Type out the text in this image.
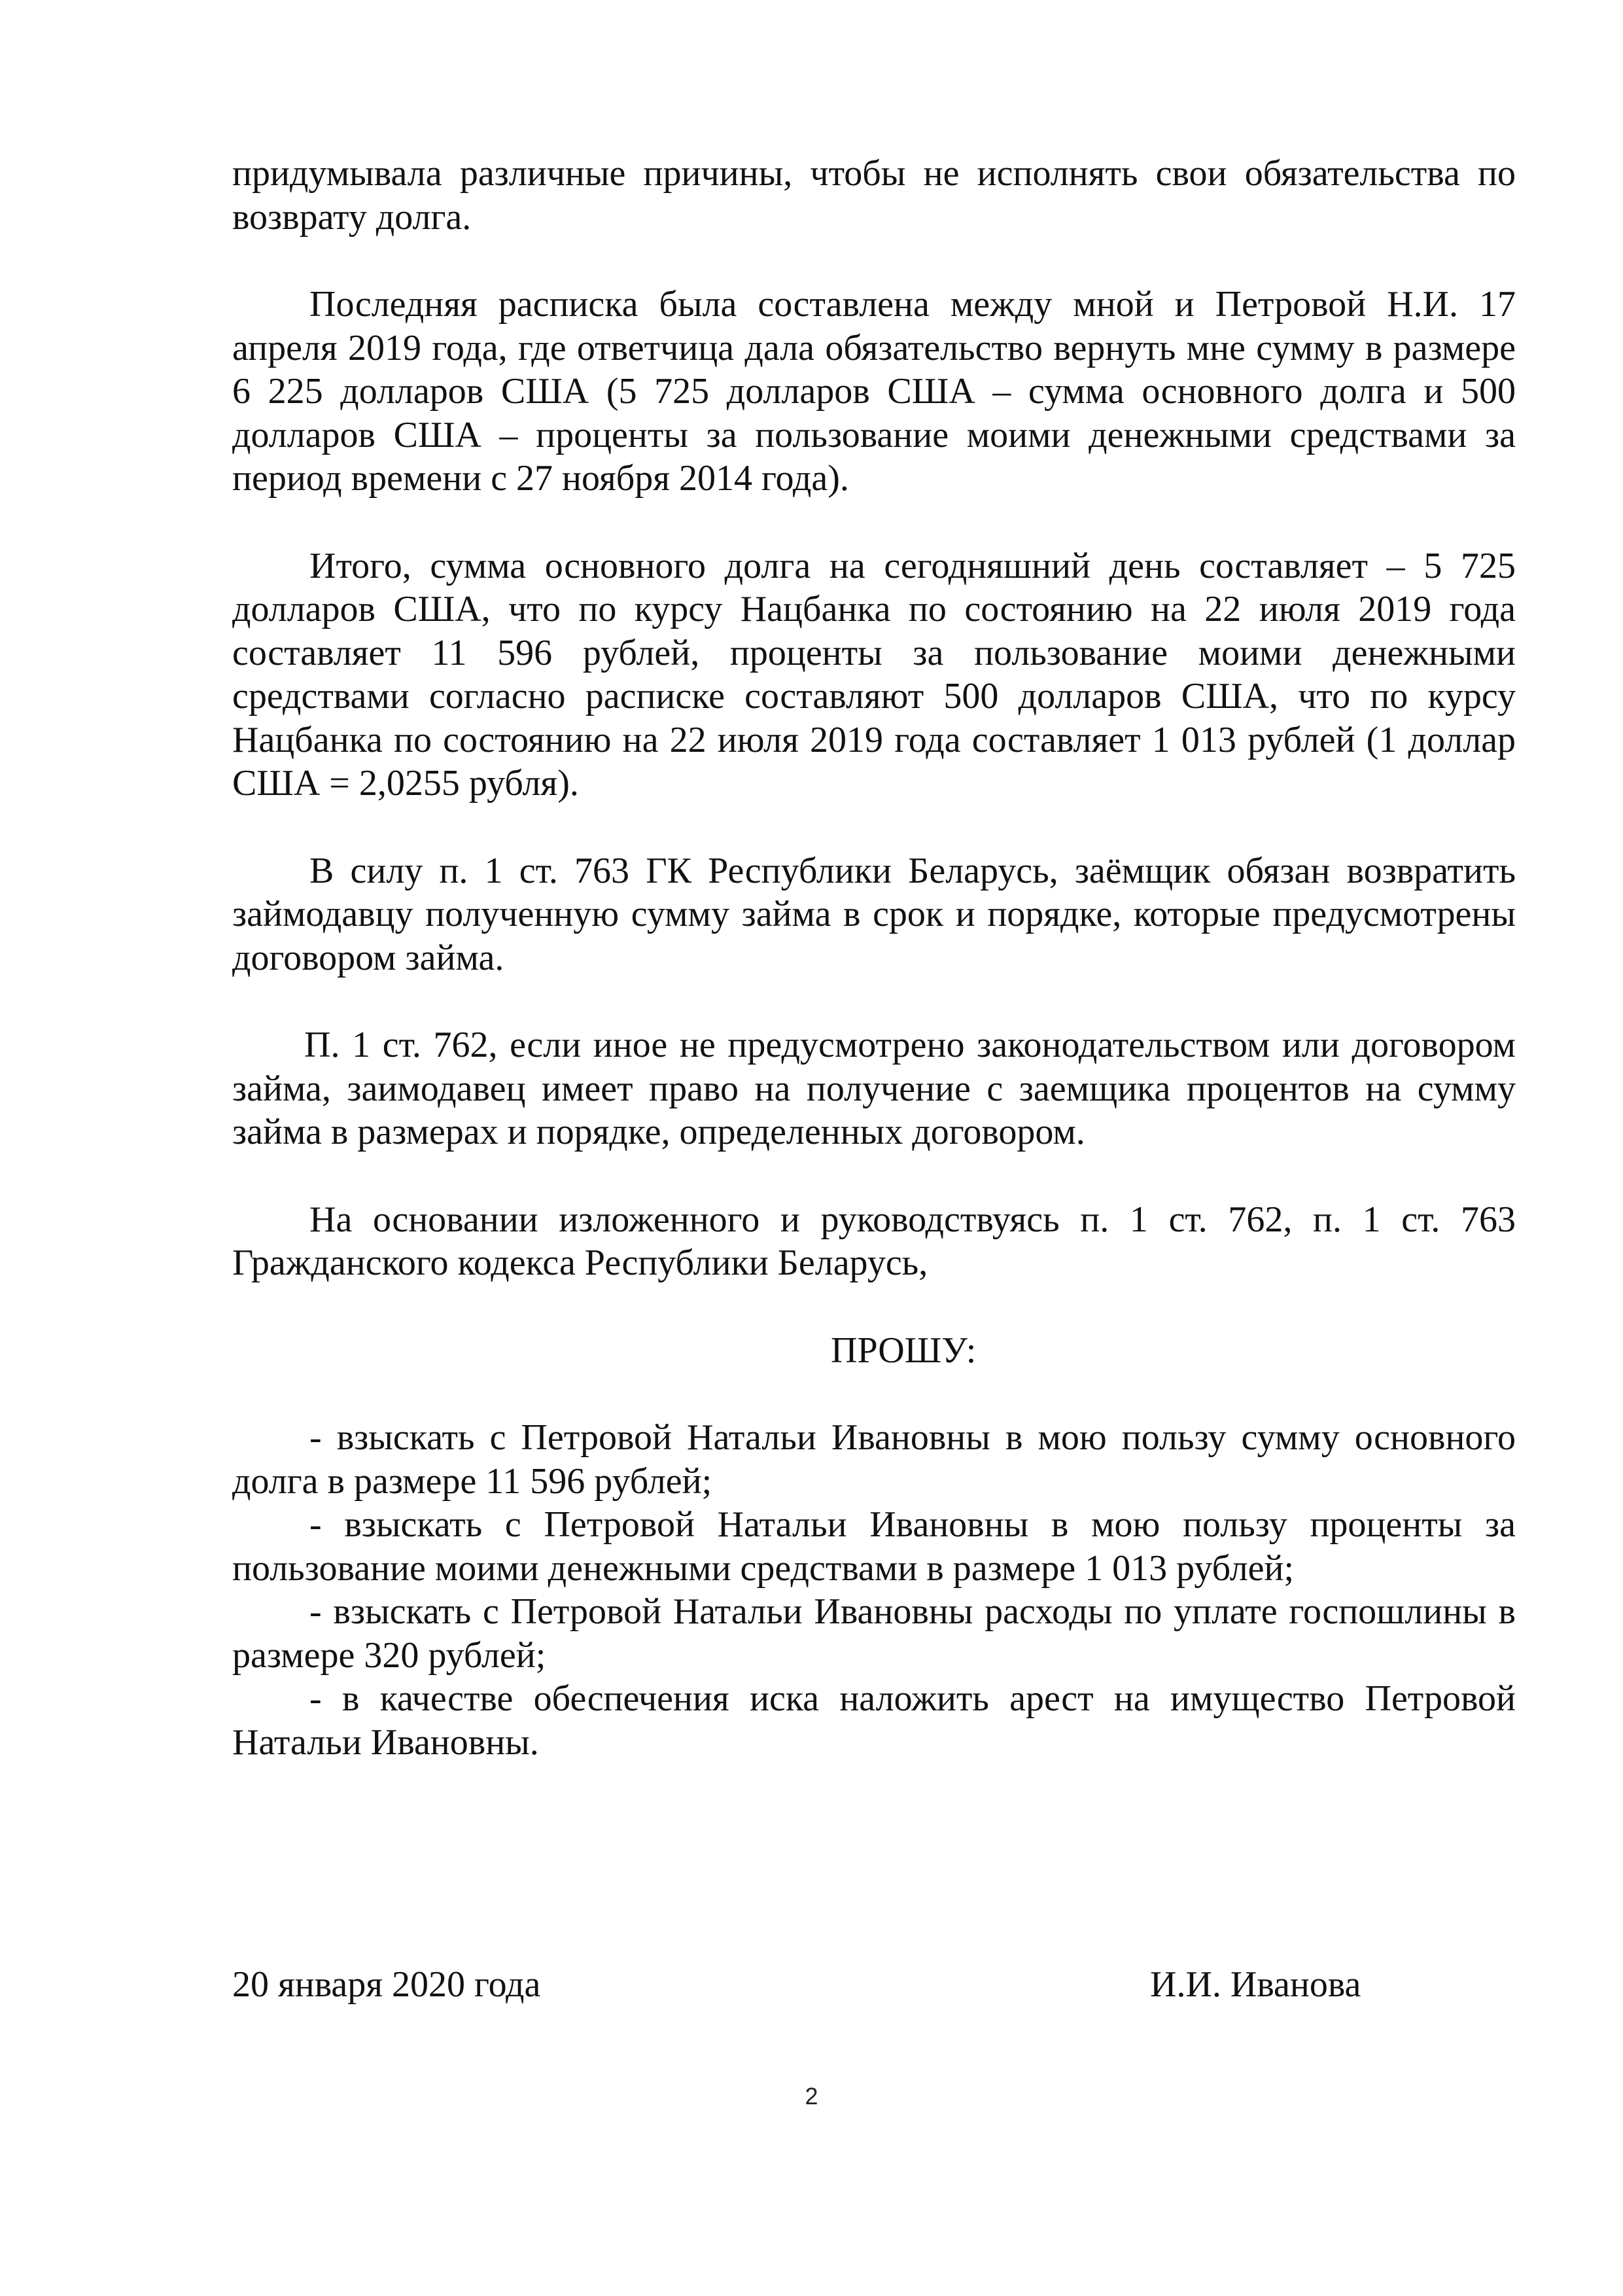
придумывала различные причины, чтобы не исполнять свои обязательства по возврату долга.

Последняя расписка была составлена между мной и Петровой Н.И. 17 апреля 2019 года, где ответчица дала обязательство вернуть мне сумму в размере 6 225 долларов США (5 725 долларов США – сумма основного долга и 500 долларов США – проценты за пользование моими денежными средствами за период времени с 27 ноября 2014 года).

Итого, сумма основного долга на сегодняшний день составляет – 5 725 долларов США, что по курсу Нацбанка по состоянию на 22 июля 2019 года составляет 11 596 рублей, проценты за пользование моими денежными средствами согласно расписке составляют 500 долларов США, что по курсу Нацбанка по состоянию на 22 июля 2019 года составляет 1 013 рублей (1 доллар США = 2,0255 рубля).

В силу п. 1 ст. 763 ГК Республики Беларусь, заёмщик обязан возвратить займодавцу полученную сумму займа в срок и порядке, которые предусмотрены договором займа.

П. 1 ст. 762, если иное не предусмотрено законодательством или договором займа, заимодавец имеет право на получение с заемщика процентов на сумму займа в размерах и порядке, определенных договором.

На основании изложенного и руководствуясь п. 1 ст. 762, п. 1 ст. 763 Гражданского кодекса Республики Беларусь,

ПРОШУ:

- взыскать с Петровой Натальи Ивановны в мою пользу сумму основного долга в размере 11 596 рублей;

- взыскать с Петровой Натальи Ивановны в мою пользу проценты за пользование моими денежными средствами в размере 1 013 рублей;

- взыскать с Петровой Натальи Ивановны расходы по уплате госпошлины в размере 320 рублей;

- в качестве обеспечения иска наложить арест на имущество Петровой Натальи Ивановны.

20 января 2020 года	И.И. Иванова
2
